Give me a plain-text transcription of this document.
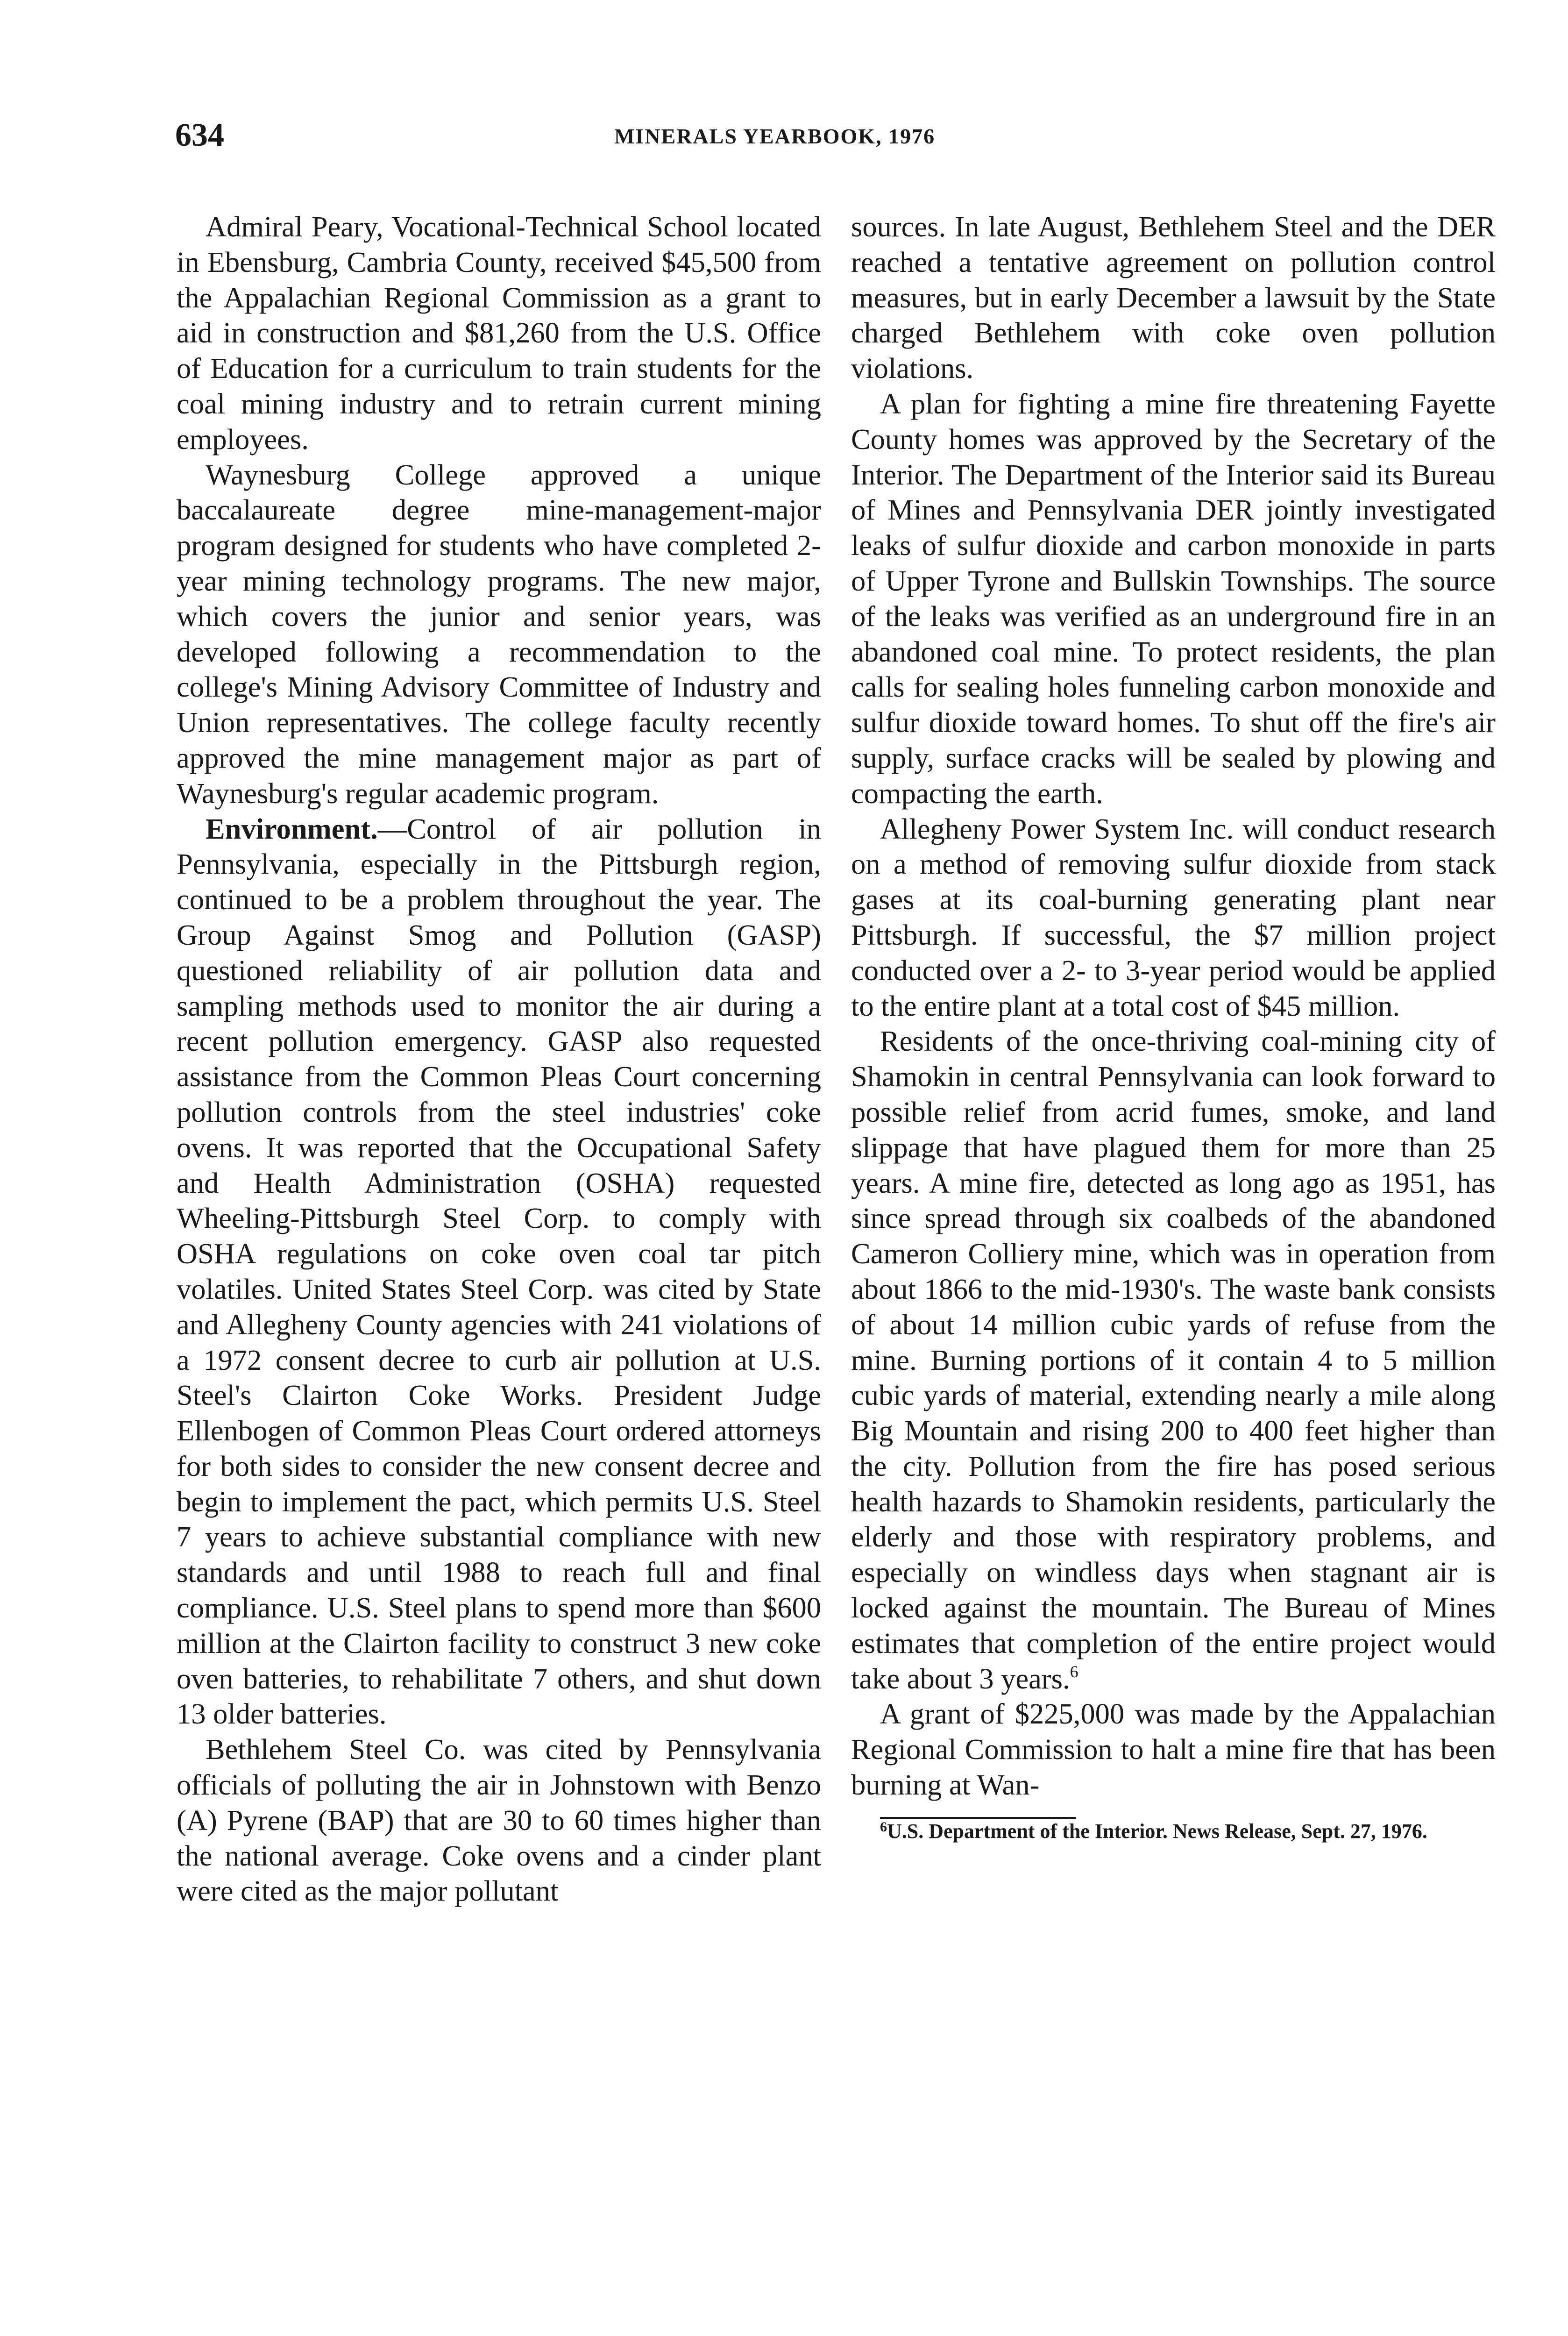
634	MINERALS YEARBOOK, 1976

Admiral Peary, Vocational-Technical School located in Ebensburg, Cambria County, received $45,500 from the Appalachian Regional Commission as a grant to aid in construction and $81,260 from the U.S. Office of Education for a curriculum to train students for the coal mining industry and to retrain current mining employees.

Waynesburg College approved a unique baccalaureate degree mine-management-major program designed for students who have completed 2-year mining technology programs. The new major, which covers the junior and senior years, was developed following a recommendation to the college's Mining Advisory Committee of Industry and Union representatives. The college faculty recently approved the mine management major as part of Waynesburg's regular academic program.

Environment.—Control of air pollution in Pennsylvania, especially in the Pittsburgh region, continued to be a problem throughout the year. The Group Against Smog and Pollution (GASP) questioned reliability of air pollution data and sampling methods used to monitor the air during a recent pollution emergency. GASP also requested assistance from the Common Pleas Court concerning pollution controls from the steel industries' coke ovens. It was reported that the Occupational Safety and Health Administration (OSHA) requested Wheeling-Pittsburgh Steel Corp. to comply with OSHA regulations on coke oven coal tar pitch volatiles. United States Steel Corp. was cited by State and Allegheny County agencies with 241 violations of a 1972 consent decree to curb air pollution at U.S. Steel's Clairton Coke Works. President Judge Ellenbogen of Common Pleas Court ordered attorneys for both sides to consider the new consent decree and begin to implement the pact, which permits U.S. Steel 7 years to achieve substantial compliance with new standards and until 1988 to reach full and final compliance. U.S. Steel plans to spend more than $600 million at the Clairton facility to construct 3 new coke oven batteries, to rehabilitate 7 others, and shut down 13 older batteries.

Bethlehem Steel Co. was cited by Pennsylvania officials of polluting the air in Johnstown with Benzo (A) Pyrene (BAP) that are 30 to 60 times higher than the national average. Coke ovens and a cinder plant were cited as the major pollutant

sources. In late August, Bethlehem Steel and the DER reached a tentative agreement on pollution control measures, but in early December a lawsuit by the State charged Bethlehem with coke oven pollution violations.

A plan for fighting a mine fire threatening Fayette County homes was approved by the Secretary of the Interior. The Department of the Interior said its Bureau of Mines and Pennsylvania DER jointly investigated leaks of sulfur dioxide and carbon monoxide in parts of Upper Tyrone and Bullskin Townships. The source of the leaks was verified as an underground fire in an abandoned coal mine. To protect residents, the plan calls for sealing holes funneling carbon monoxide and sulfur dioxide toward homes. To shut off the fire's air supply, surface cracks will be sealed by plowing and compacting the earth.

Allegheny Power System Inc. will conduct research on a method of removing sulfur dioxide from stack gases at its coal-burning generating plant near Pittsburgh. If successful, the $7 million project conducted over a 2- to 3-year period would be applied to the entire plant at a total cost of $45 million.

Residents of the once-thriving coal-mining city of Shamokin in central Pennsylvania can look forward to possible relief from acrid fumes, smoke, and land slippage that have plagued them for more than 25 years. A mine fire, detected as long ago as 1951, has since spread through six coalbeds of the abandoned Cameron Colliery mine, which was in operation from about 1866 to the mid-1930's. The waste bank consists of about 14 million cubic yards of refuse from the mine. Burning portions of it contain 4 to 5 million cubic yards of material, extending nearly a mile along Big Mountain and rising 200 to 400 feet higher than the city. Pollution from the fire has posed serious health hazards to Shamokin residents, particularly the elderly and those with respiratory problems, and especially on windless days when stagnant air is locked against the mountain. The Bureau of Mines estimates that completion of the entire project would take about 3 years.$^6$

A grant of $225,000 was made by the Appalachian Regional Commission to halt a mine fire that has been burning at Wan-

$^6$U.S. Department of the Interior. News Release, Sept. 27, 1976.
